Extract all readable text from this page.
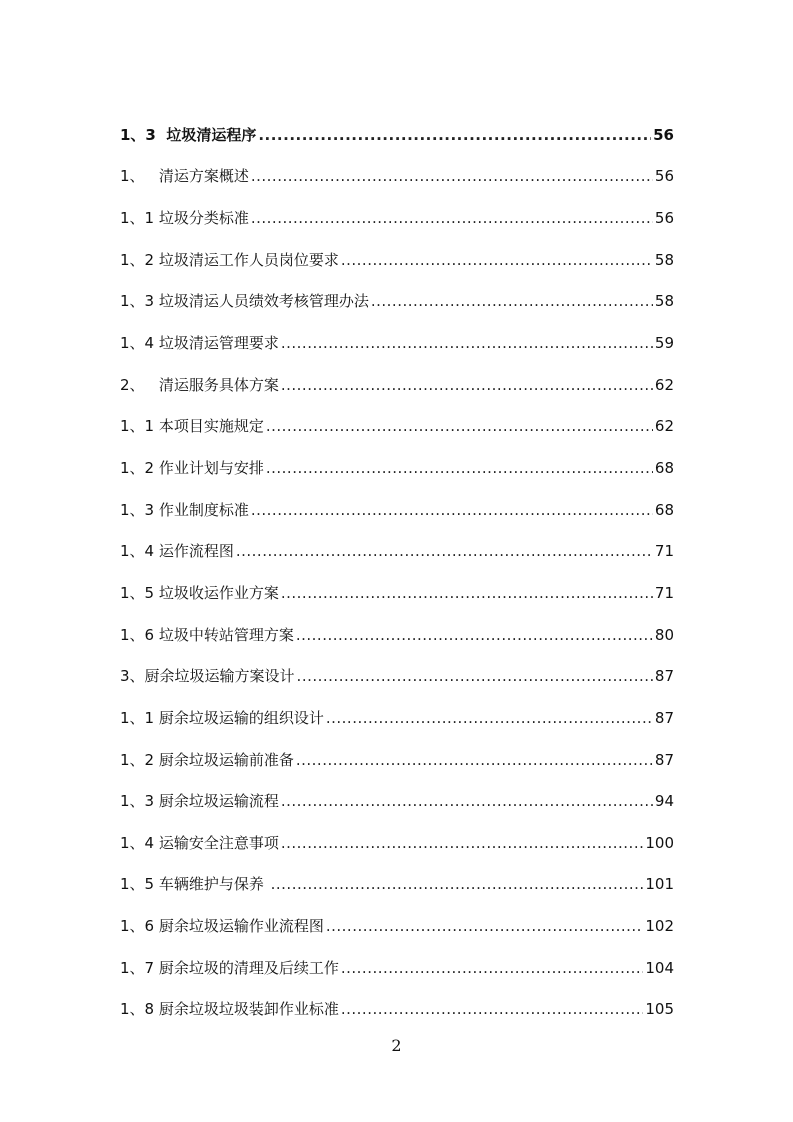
1、3  垃圾清运程序 .....	56
1、   清运方案概述 .....	56
1、1 垃圾分类标准 .....	56
1、2 垃圾清运工作人员岗位要求 .....	58
1、3 垃圾清运人员绩效考核管理办法 .....	58
1、4 垃圾清运管理要求 .....	59
2、   清运服务具体方案 .....	62
1、1 本项目实施规定 .....	62
1、2 作业计划与安排 .....	68
1、3 作业制度标准 .....	68
1、4 运作流程图 .....	71
1、5 垃圾收运作业方案 .....	71
1、6 垃圾中转站管理方案 .....	80
3、厨余垃圾运输方案设计 .....	87
1、1 厨余垃圾运输的组织设计 .....	87
1、2 厨余垃圾运输前准备 .....	87
1、3 厨余垃圾运输流程 .....	94
1、4 运输安全注意事项 .....	100
1、5 车辆维护与保养 .....	101
1、6 厨余垃圾运输作业流程图 .....	102
1、7 厨余垃圾的清理及后续工作 .....	104
1、8 厨余垃圾垃圾装卸作业标准 .....	105
2
